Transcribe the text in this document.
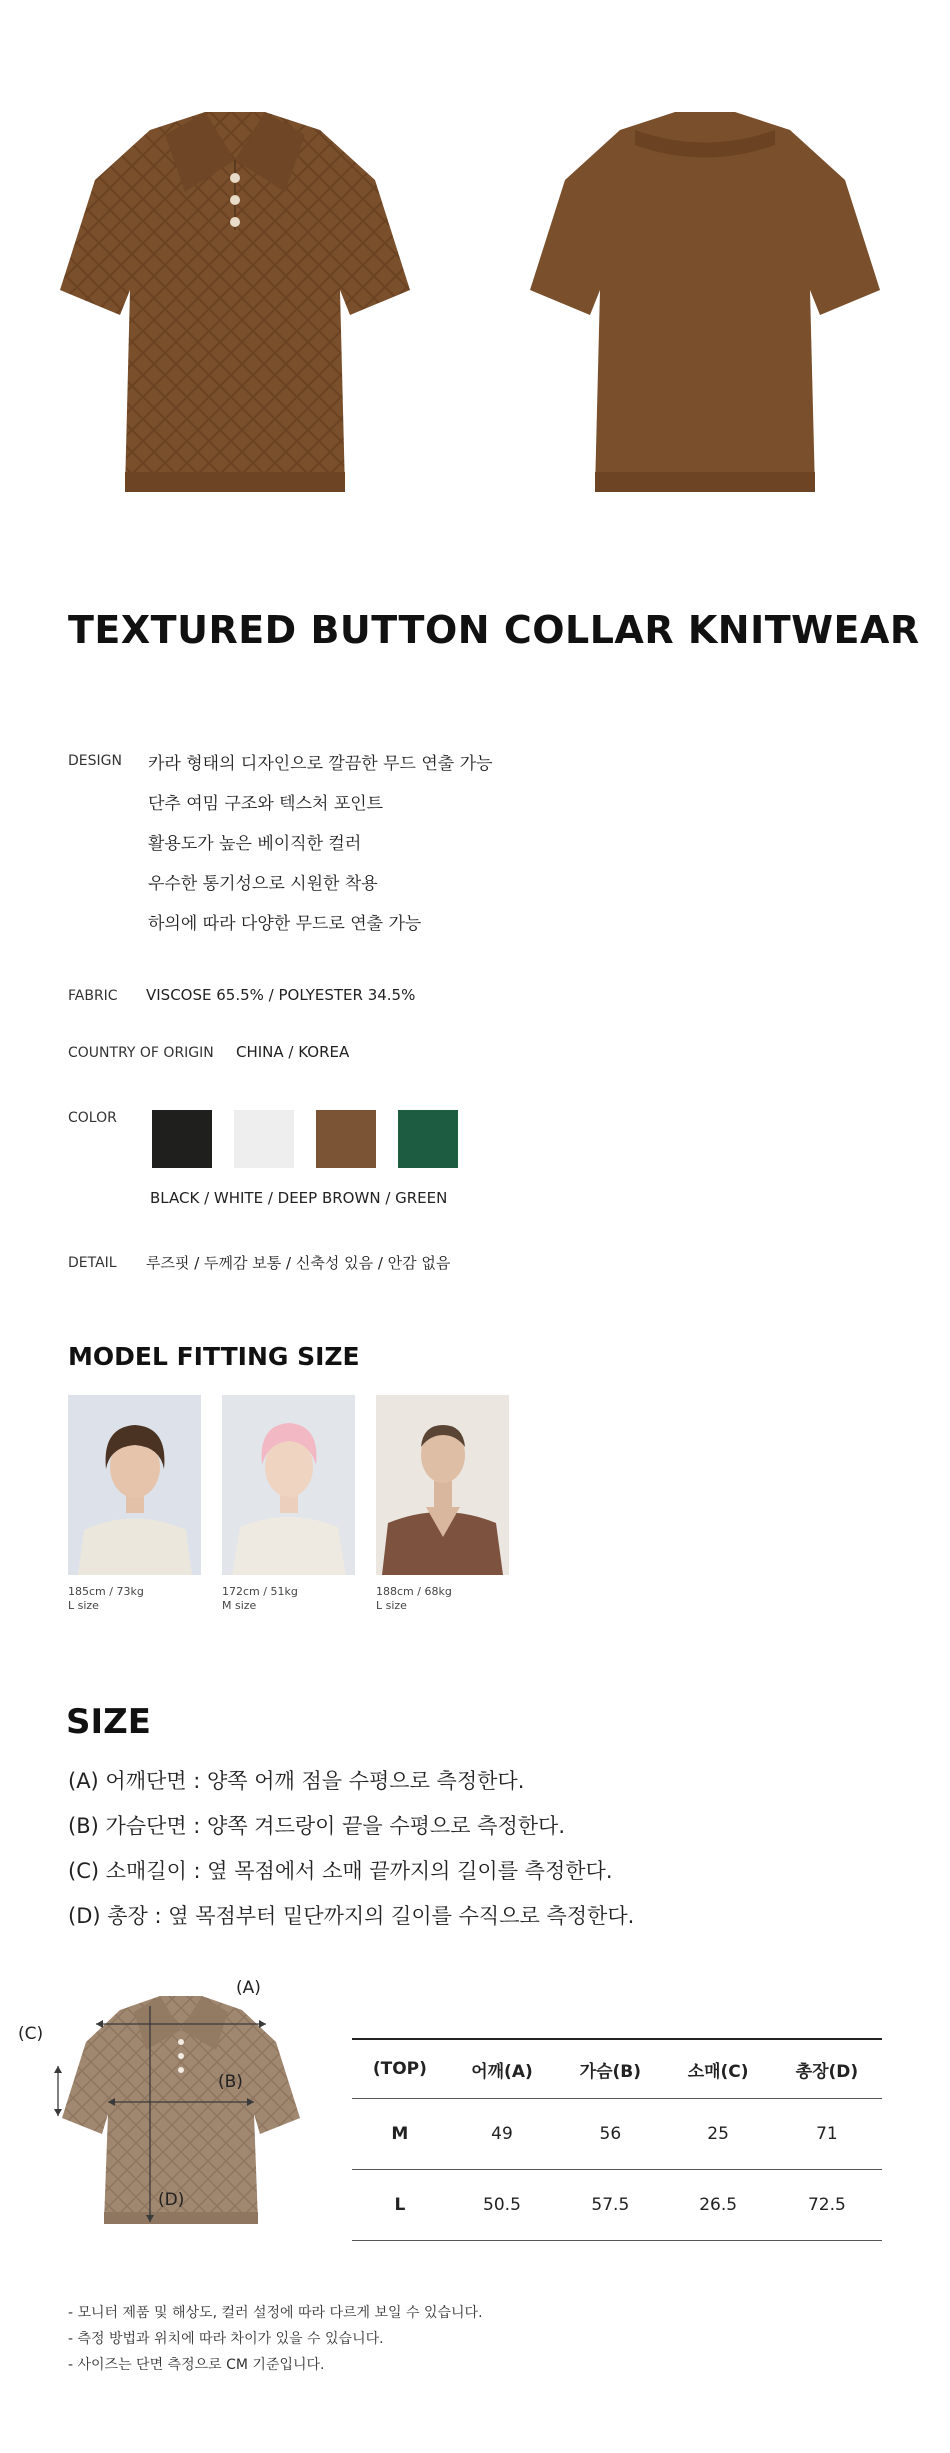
TEXTURED BUTTON COLLAR KNITWEAR
DESIGN 카라 형태의 디자인으로 깔끔한 무드 연출 가능
단추 여밈 구조와 텍스처 포인트
활용도가 높은 베이직한 컬러
우수한 통기성으로 시원한 착용
하의에 따라 다양한 무드로 연출 가능
FABRIC VISCOSE 65.5% / POLYESTER 34.5%
COUNTRY OF ORIGIN CHINA / KOREA
COLOR
BLACK / WHITE / DEEP BROWN / GREEN
DETAIL 루즈핏 / 두께감 보통 / 신축성 있음 / 안감 없음
MODEL FITTING SIZE
185cm / 73kg
L size
172cm / 51kg
M size
188cm / 68kg
L size
SIZE
(A) 어깨단면 : 양쪽 어깨 점을 수평으로 측정한다.
(B) 가슴단면 : 양쪽 겨드랑이 끝을 수평으로 측정한다.
(C) 소매길이 : 옆 목점에서 소매 끝까지의 길이를 측정한다.
(D) 총장 : 옆 목점부터 밑단까지의 길이를 수직으로 측정한다.
(A)
(B)
(C)
(D)
(TOP)	어깨(A)	가슴(B)	소매(C)	총장(D)
M	49	56	25	71
L	50.5	57.5	26.5	72.5
- 모니터 제품 및 해상도, 컬러 설정에 따라 다르게 보일 수 있습니다.
- 측정 방법과 위치에 따라 차이가 있을 수 있습니다.
- 사이즈는 단면 측정으로 CM 기준입니다.
